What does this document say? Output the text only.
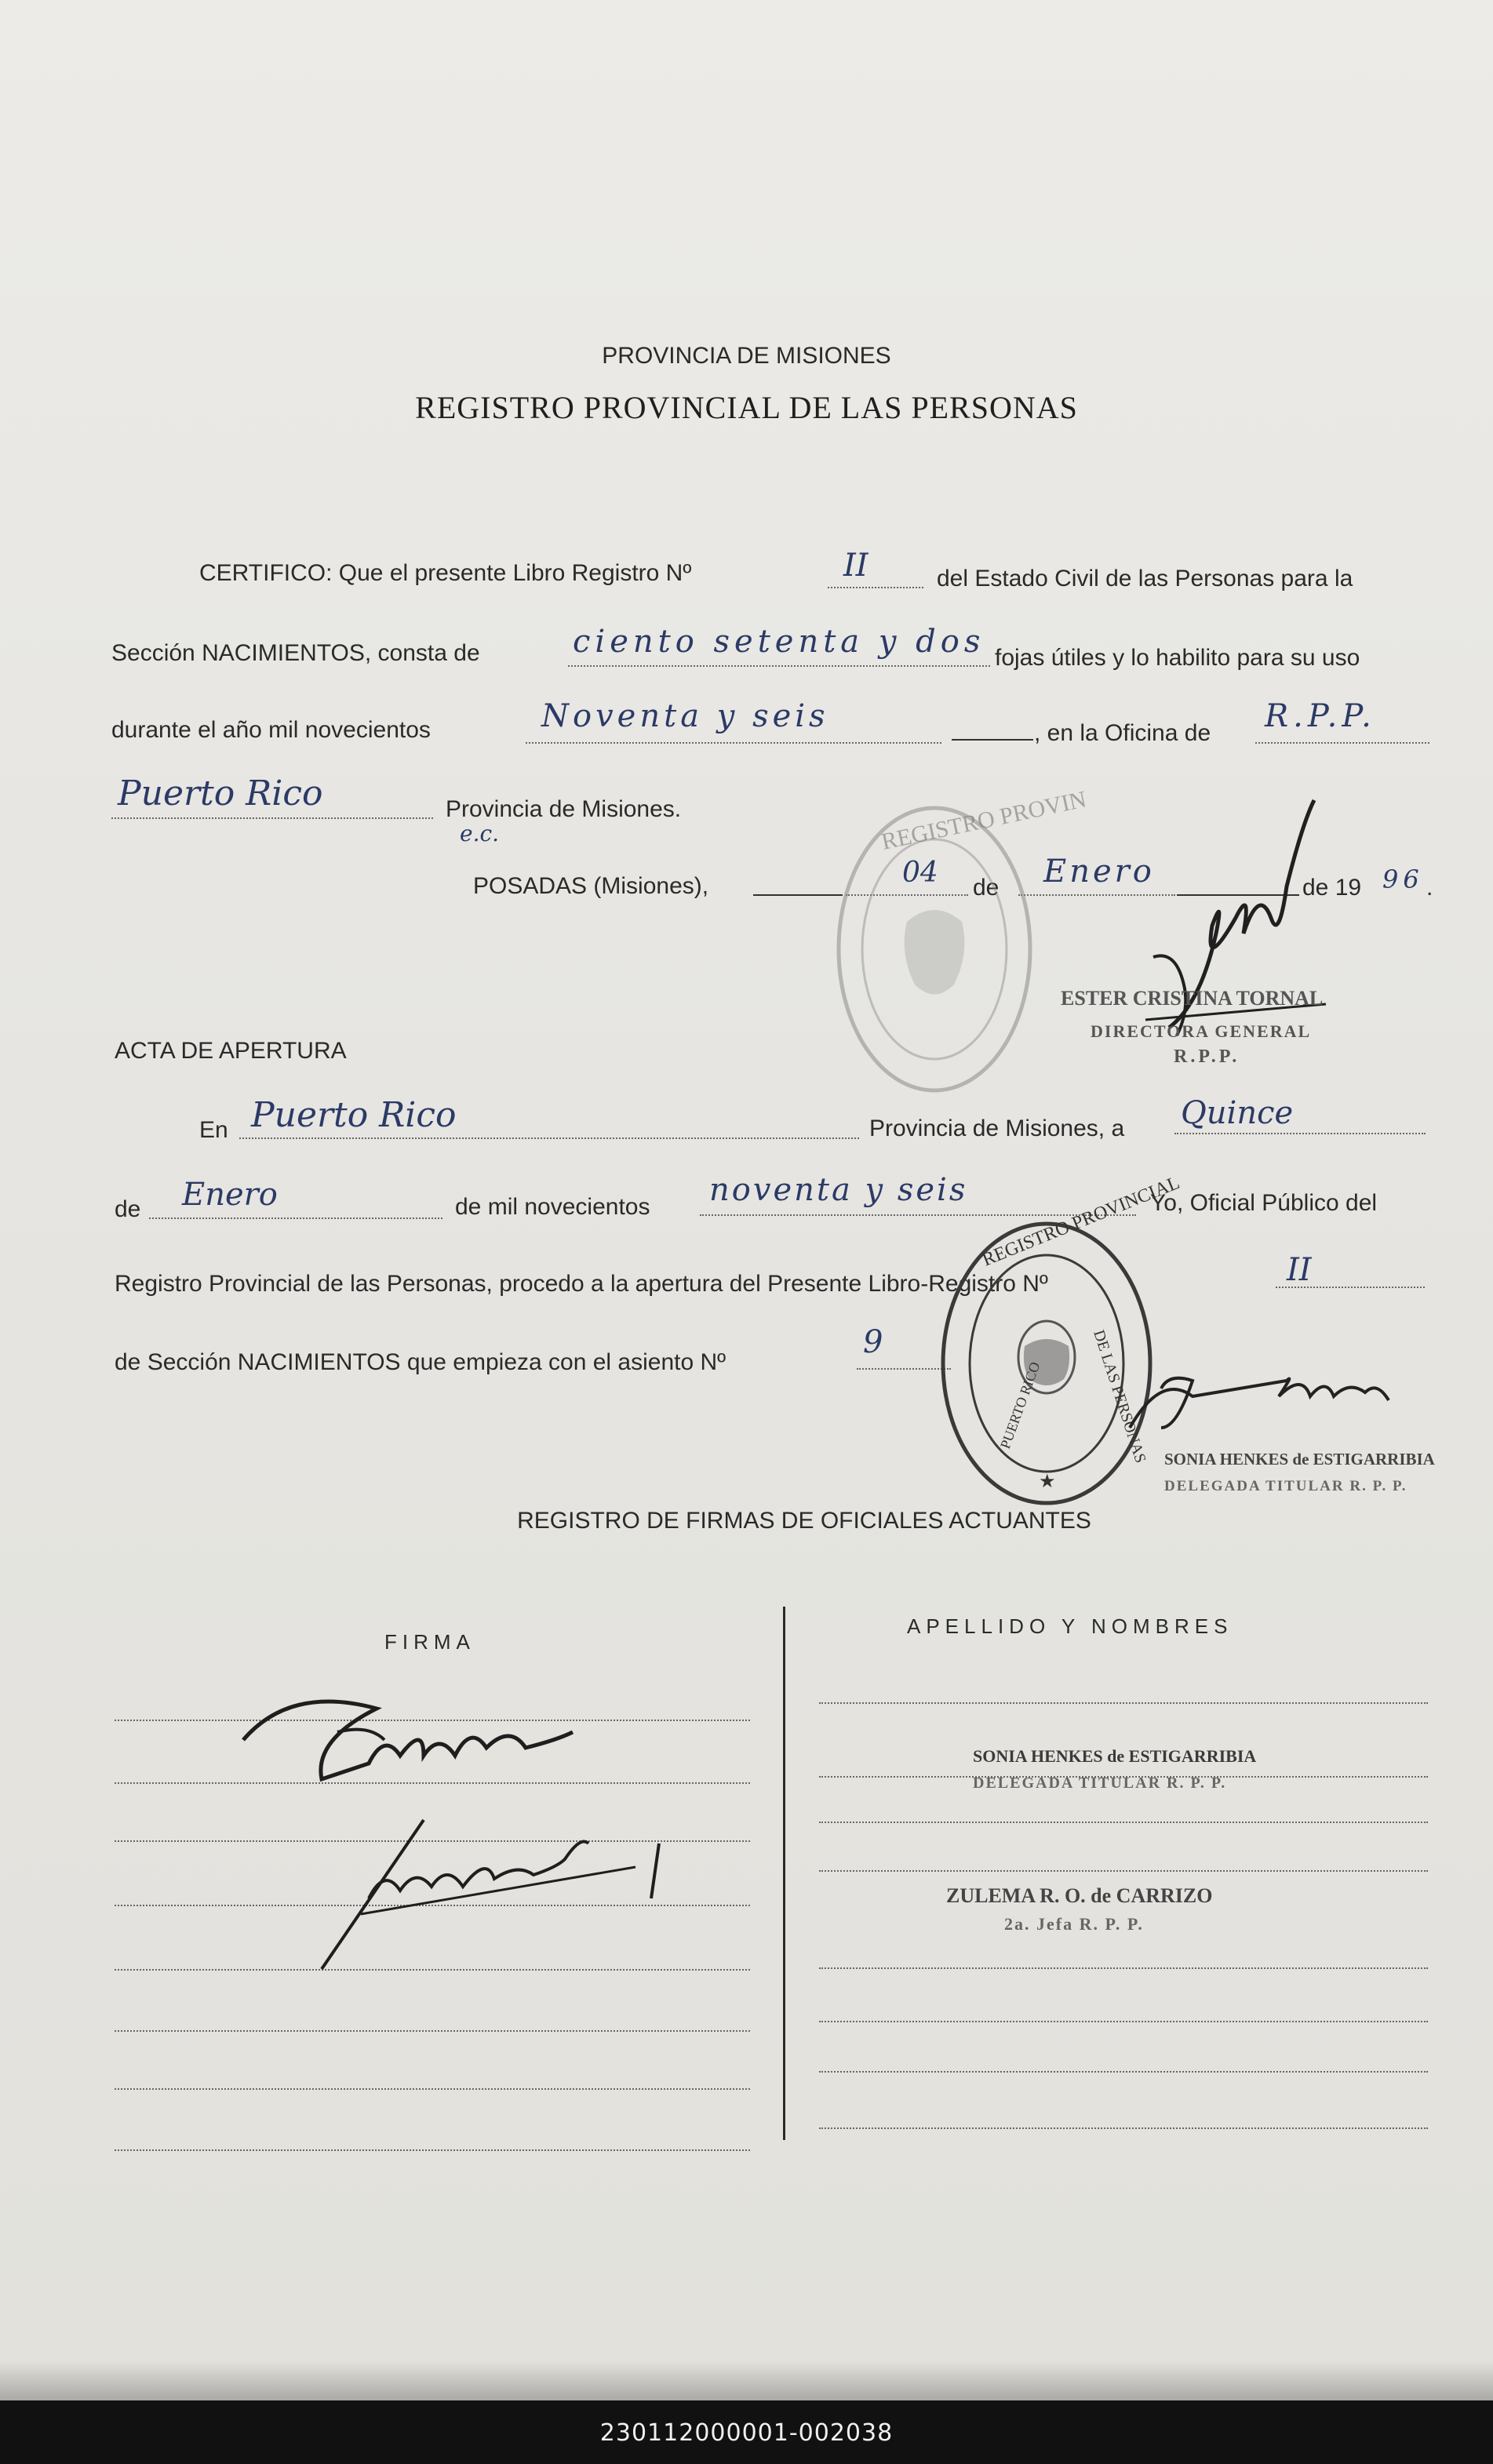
PROVINCIA DE MISIONES
REGISTRO PROVINCIAL DE LAS PERSONAS
CERTIFICO: Que el presente Libro Registro Nº	II	del Estado Civil de las Personas para la
Sección NACIMIENTOS, consta de	ciento setenta y dos fojas útiles y lo habilito para su uso
durante el año mil novecientos	Noventa y seis	, en la Oficina de R.P.P.
Puerto Rico	Provincia de Misiones.
e.c.
POSADAS (Misiones),	04 de Enero	de 19 96 .
REGISTRO PROVIN
ESTER CRISTINA TORNAL
DIRECTORA GENERAL
R.P.P.
ACTA DE APERTURA
En Puerto Rico	Provincia de Misiones, a Quince
de Enero	de mil novecientos noventa y seis	Yo, Oficial Público del
Registro Provincial de las Personas, procedo a la apertura del Presente Libro-Registro Nº	II
de Sección NACIMIENTOS que empieza con el asiento Nº
9
REGISTRO PROVINCIAL
DE LAS PERSONAS
PUERTO RICO
★
SONIA HENKES de ESTIGARRIBIA
DELEGADA TITULAR R. P. P.
REGISTRO DE FIRMAS DE OFICIALES ACTUANTES
FIRMA
APELLIDO Y NOMBRES
SONIA HENKES de ESTIGARRIBIA
DELEGADA TITULAR R. P. P.
ZULEMA R. O. de CARRIZO
2a. Jefa R. P. P.
230112000001-002038
